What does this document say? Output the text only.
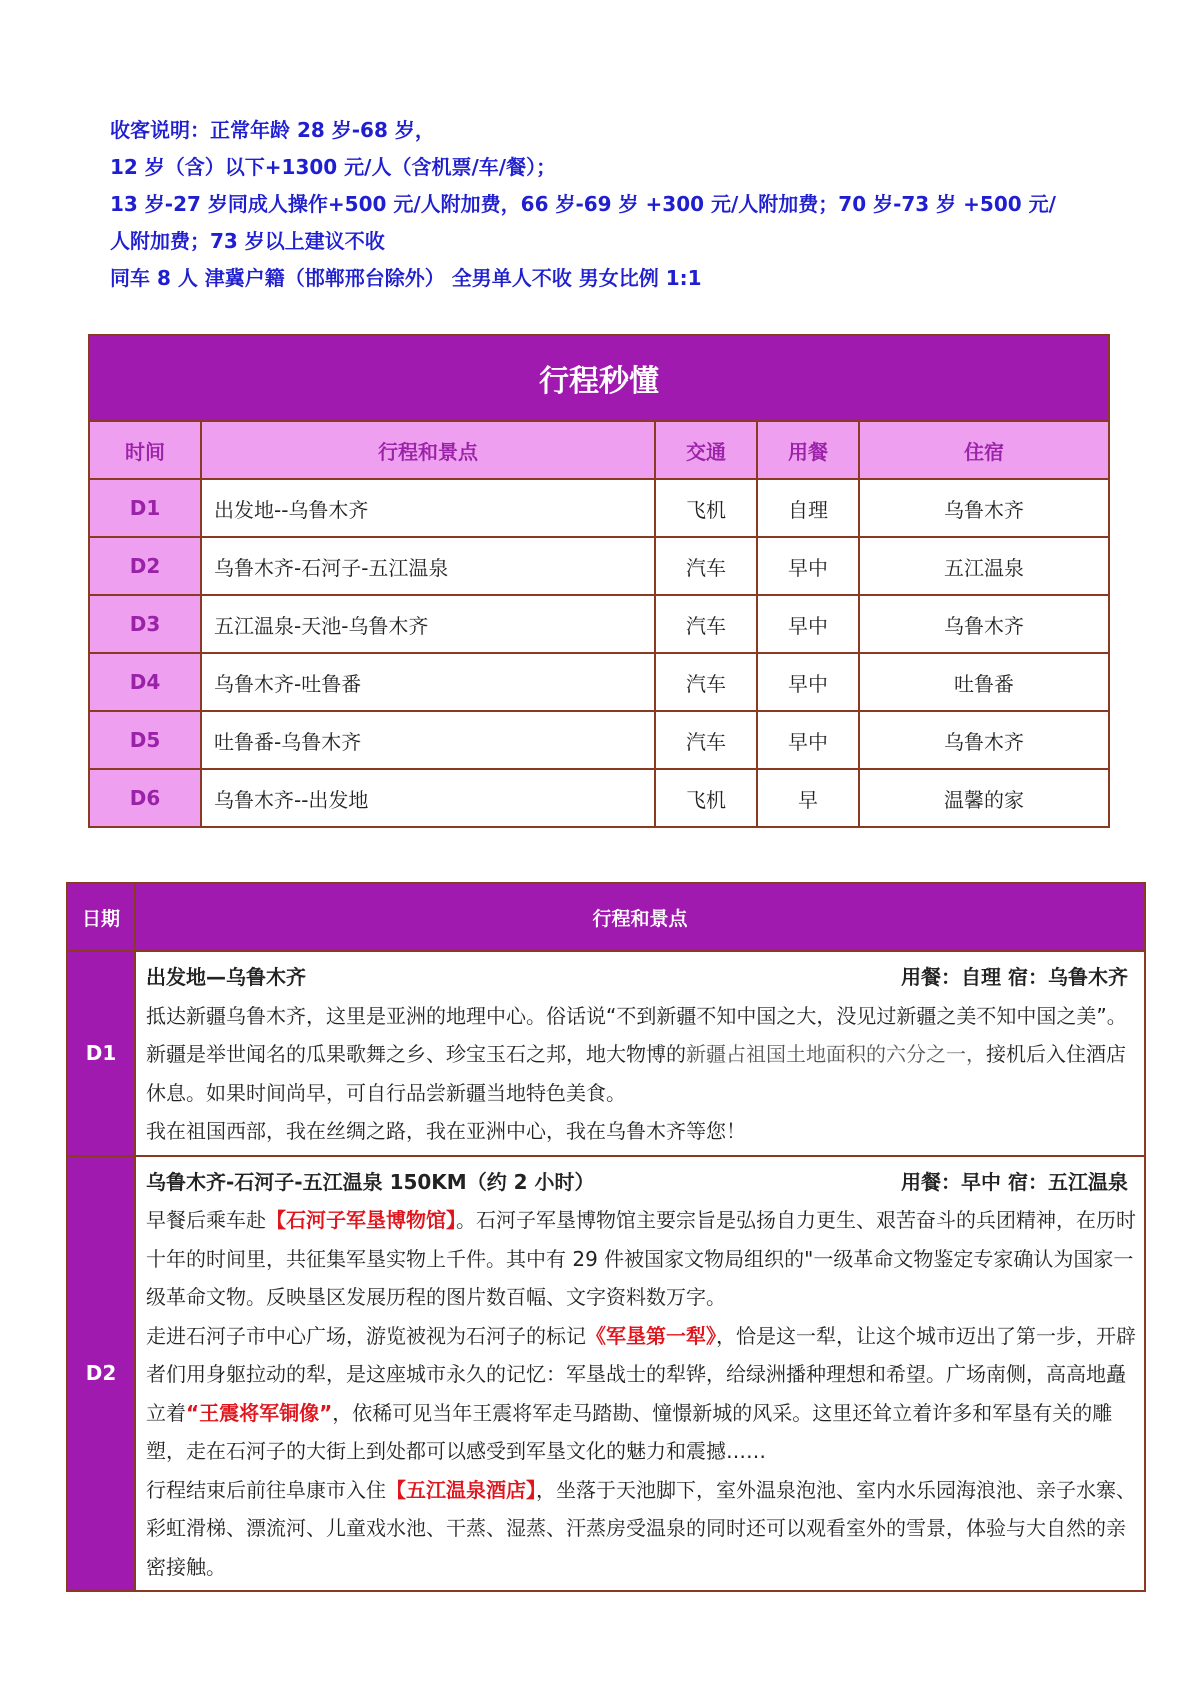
收客说明：正常年龄 28 岁-68 岁，
12 岁（含）以下+1300 元/人（含机票/车/餐）；
13 岁-27 岁同成人操作+500 元/人附加费，66 岁-69 岁 +300 元/人附加费；70 岁-73 岁 +500 元/
人附加费；73 岁以上建议不收
同车 8 人 津冀户籍（邯郸邢台除外） 全男单人不收 男女比例 1:1
行程秒懂				
时间	行程和景点	交通	用餐	住宿
D1	出发地--乌鲁木齐	飞机	自理	乌鲁木齐
D2	乌鲁木齐-石河子-五江温泉	汽车	早中	五江温泉
D3	五江温泉-天池-乌鲁木齐	汽车	早中	乌鲁木齐
D4	乌鲁木齐-吐鲁番	汽车	早中	吐鲁番
D5	吐鲁番-乌鲁木齐	汽车	早中	乌鲁木齐
D6	乌鲁木齐--出发地	飞机	早	温馨的家
日期	行程和景点
D1	出发地—乌鲁木齐 用餐：自理 宿：乌鲁木齐
抵达新疆乌鲁木齐，这里是亚洲的地理中心。俗话说“不到新疆不知中国之大，没见过新疆之美不知中国之美”。新疆是举世闻名的瓜果歌舞之乡、珍宝玉石之邦，地大物博的新疆占祖国土地面积的六分之一，接机后入住酒店休息。如果时间尚早，可自行品尝新疆当地特色美食。
我在祖国西部，我在丝绸之路，我在亚洲中心，我在乌鲁木齐等您！

D2	乌鲁木齐-石河子-五江温泉 150KM（约 2 小时） 用餐：早中 宿：五江温泉
早餐后乘车赴【石河子军垦博物馆】。石河子军垦博物馆主要宗旨是弘扬自力更生、艰苦奋斗的兵团精神，在历时十年的时间里，共征集军垦实物上千件。其中有 29 件被国家文物局组织的"一级革命文物鉴定专家确认为国家一级革命文物。反映垦区发展历程的图片数百幅、文字资料数万字。
走进石河子市中心广场，游览被视为石河子的标记《军垦第一犁》，恰是这一犁，让这个城市迈出了第一步，开辟者们用身躯拉动的犁，是这座城市永久的记忆：军垦战士的犁铧，给绿洲播种理想和希望。广场南侧，高高地矗立着“王震将军铜像”，依稀可见当年王震将军走马踏勘、憧憬新城的风采。这里还耸立着许多和军垦有关的雕塑，走在石河子的大街上到处都可以感受到军垦文化的魅力和震撼……
行程结束后前往阜康市入住【五江温泉酒店】，坐落于天池脚下，室外温泉泡池、室内水乐园海浪池、亲子水寨、彩虹滑梯、漂流河、儿童戏水池、干蒸、湿蒸、汗蒸房受温泉的同时还可以观看室外的雪景，体验与大自然的亲密接触。
